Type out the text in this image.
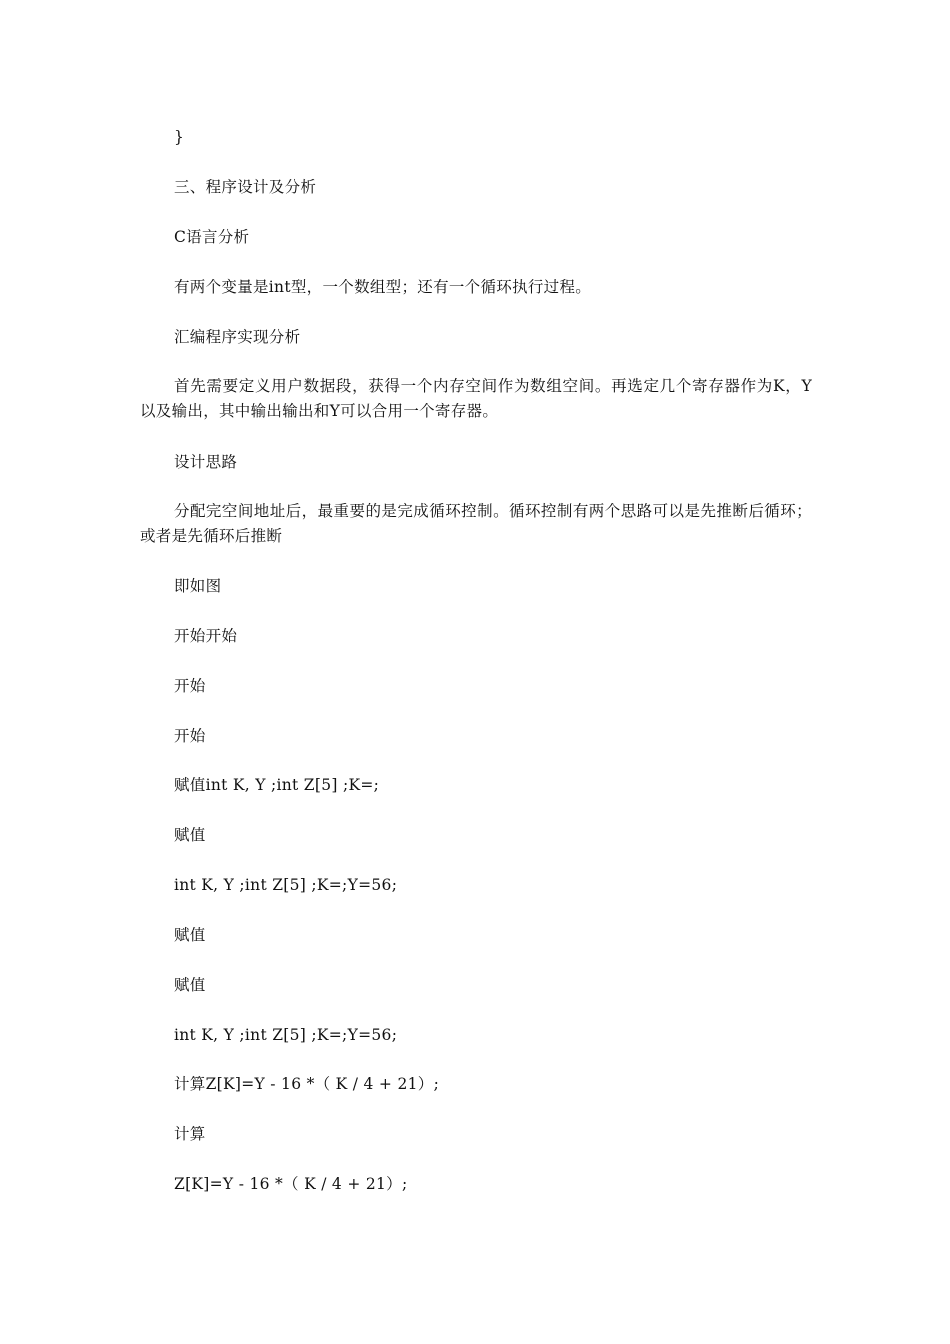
}
三、程序设计及分析
C语言分析
有两个变量是int型，一个数组型；还有一个循环执行过程。
汇编程序实现分析
首先需要定义用户数据段，获得一个内存空间作为数组空间。再选定几个寄存器作为K，Y以及输出，其中输出输出和Y可以合用一个寄存器。
设计思路
分配完空间地址后，最重要的是完成循环控制。循环控制有两个思路可以是先推断后循环；或者是先循环后推断
即如图
开始开始
开始
开始
赋值int K, Y ;int Z[5] ;K=;
赋值
int K, Y ;int Z[5] ;K=;Y=56;
赋值
赋值
int K, Y ;int Z[5] ;K=;Y=56;
计算Z[K]=Y - 16 *（ K / 4 + 21）;
计算
Z[K]=Y - 16 *（ K / 4 + 21）;
